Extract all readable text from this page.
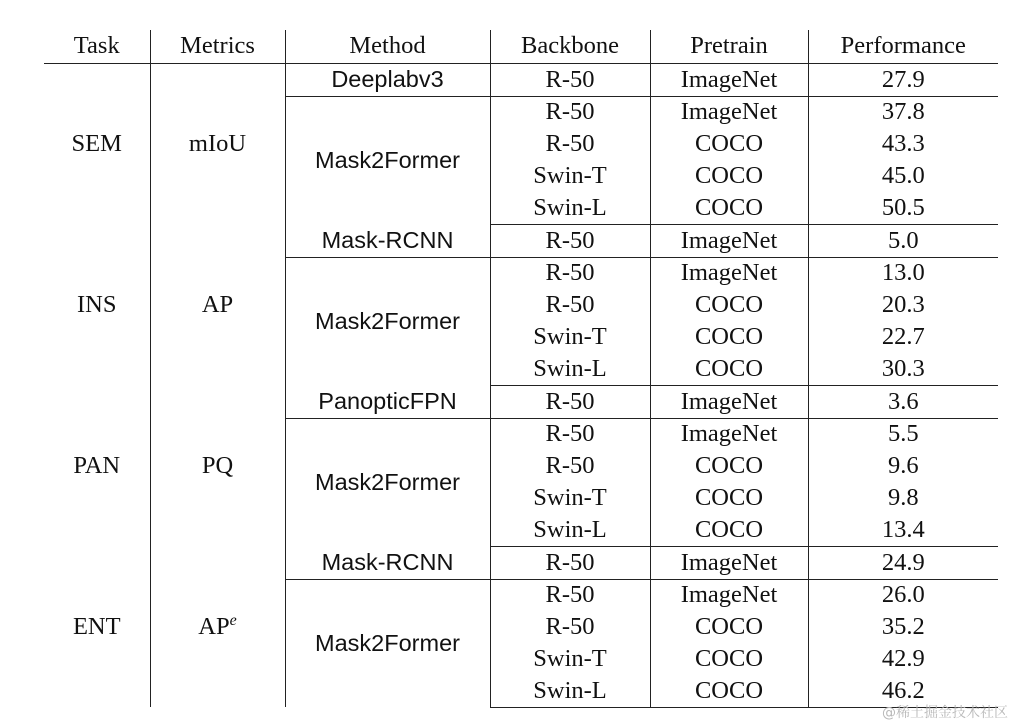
Task	Metrics	Method	Backbone	Pretrain	Performance
SEM	mIoU	Deeplabv3	R-50	ImageNet	27.9
		Mask2Former	R-50	ImageNet	37.8
			R-50	COCO	43.3
			Swin-T	COCO	45.0
			Swin-L	COCO	50.5
INS	AP	Mask-RCNN	R-50	ImageNet	5.0
		Mask2Former	R-50	ImageNet	13.0
			R-50	COCO	20.3
			Swin-T	COCO	22.7
			Swin-L	COCO	30.3
PAN	PQ	PanopticFPN	R-50	ImageNet	3.6
		Mask2Former	R-50	ImageNet	5.5
			R-50	COCO	9.6
			Swin-T	COCO	9.8
			Swin-L	COCO	13.4
ENT	$AP^e$	Mask-RCNN	R-50	ImageNet	24.9
		Mask2Former	R-50	ImageNet	26.0
			R-50	COCO	35.2
			Swin-T	COCO	42.9
			Swin-L	COCO	46.2
@稀土掘金技术社区
